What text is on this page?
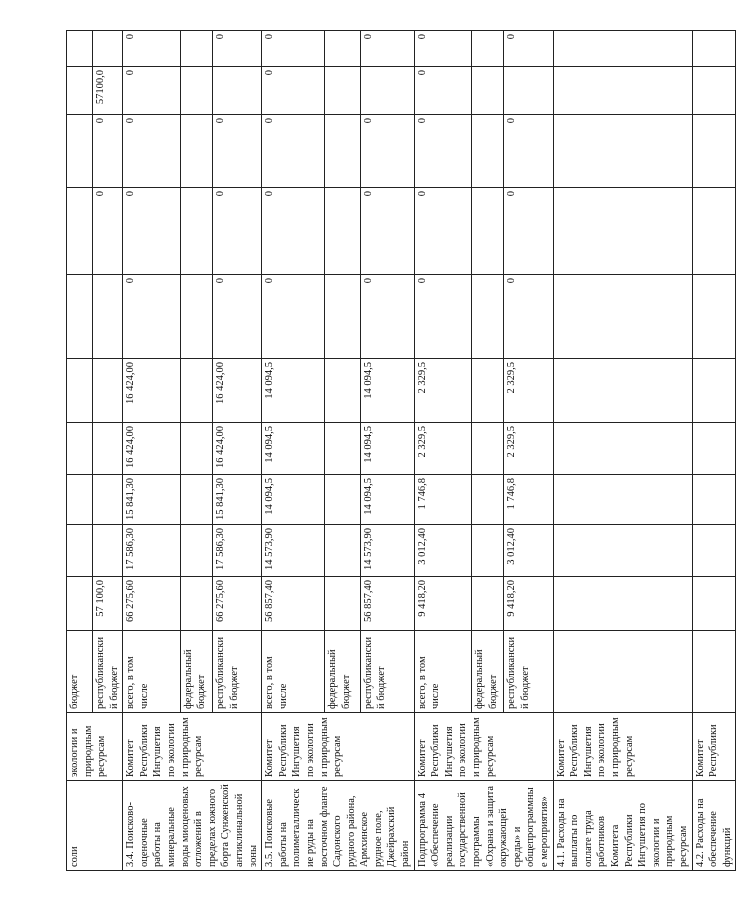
соли	экологии и природным ресурсам	бюджет										
		республиканский бюджет	57 100,0						0	0	57100,0	
3.4. Поисково-оценочные работы на минеральные воды миоценовых отложений в пределах южного борта Сунженской антиклинальной зоны	Комитет Республики Ингушетия по экологии и природным ресурсам	всего, в том числе	66 275,60	17 586,30	15 841,30	16 424,00	16 424,00	0	0	0	0	0
		федеральный бюджет										
		республиканский бюджет	66 275,60	17 586,30	15 841,30	16 424,00	16 424,00	0	0	0		0
3.5. Поисковые работы на полиметаллические руды на восточном фланге Садонского рудного района, Армхинское рудное поле, Джейрахский район	Комитет Республики Ингушетия по экологии и природным ресурсам	всего, в том числе	56 857,40	14 573,90	14 094,5	14 094,5	14 094,5	0	0	0	0	0
		федеральный бюджет										
		республиканский бюджет	56 857,40	14 573,90	14 094,5	14 094,5	14 094,5	0	0	0		0
Подпрограмма 4 «Обеспечение реализации государственной программы «Охрана и защита окружающей среды» и общепрограммные мероприятия»	Комитет Республики Ингушетия по экологии и природным ресурсам	всего, в том числе	9 418,20	3 012,40	1 746,8	2 329,5	2 329,5	0	0	0	0	0
		федеральный бюджет										
		республиканский бюджет	9 418,20	3 012,40	1 746,8	2 329,5	2 329,5	0	0	0		0
4.1. Расходы на выплаты по оплате труда работников Комитета Республики Ингушетия по экологии и природным ресурсам	Комитет Республики Ингушетия по экологии и природным ресурсам											
4.2. Расходы на обеспечение функций	Комитет Республики											
